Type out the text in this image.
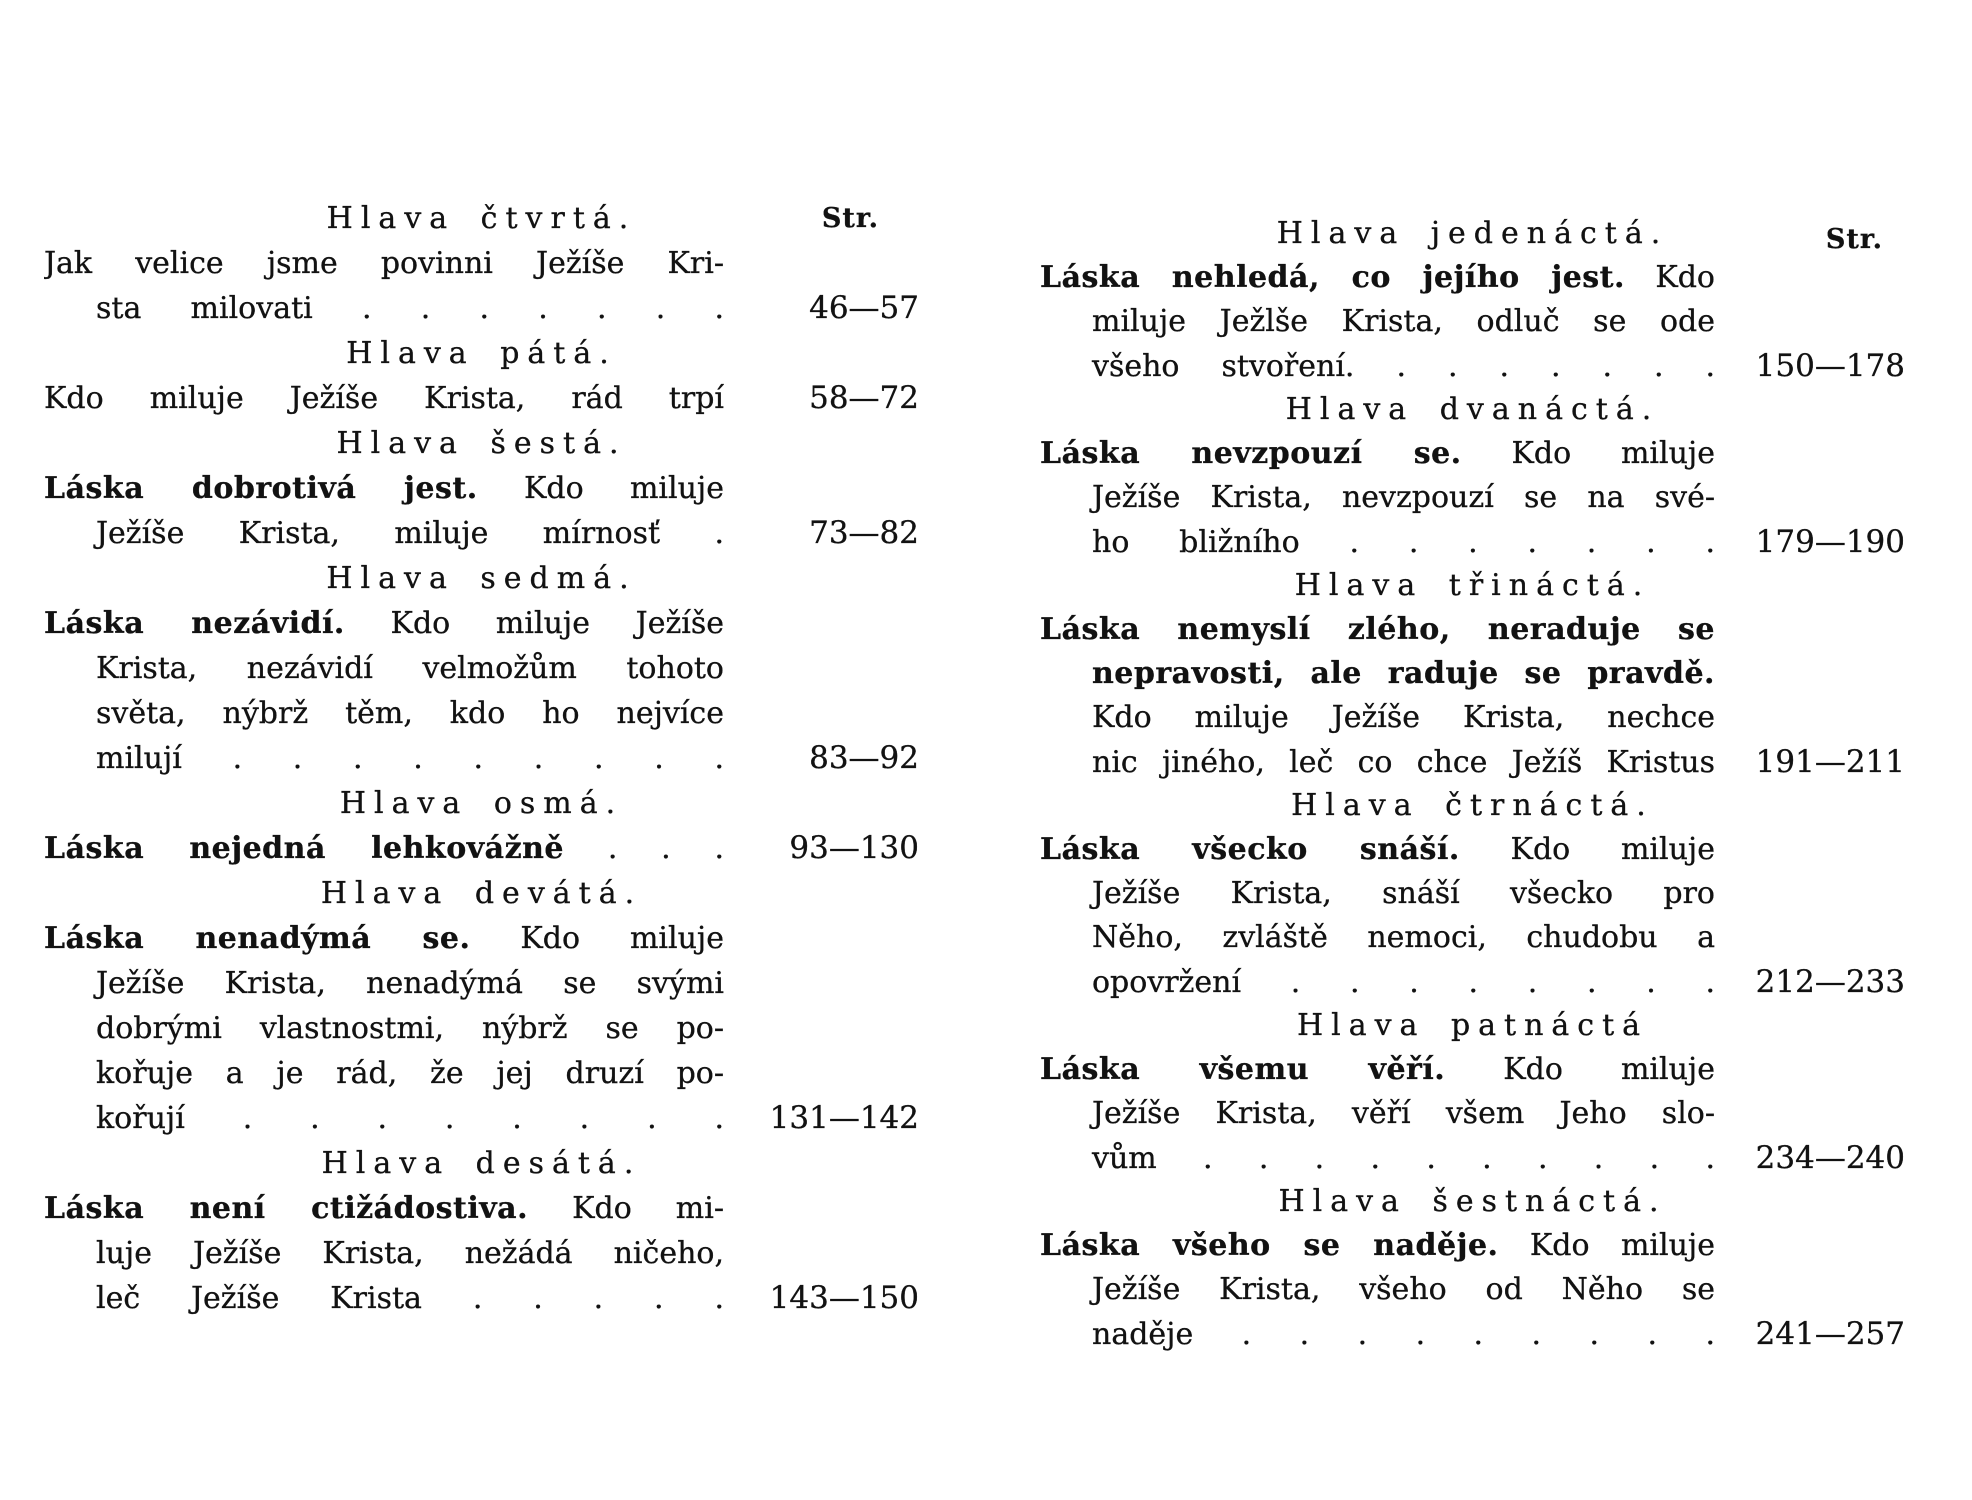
Str.
Hlava čtvrtá.
Jak velice jsme povinni Ježíše Kri-
sta milovati . . . . . . .	46—57
Hlava pátá.
Kdo miluje Ježíše Krista, rád trpí	58—72
Hlava šestá.
Láska dobrotivá jest. Kdo miluje
Ježíše Krista, miluje mírnosť .	73—82
Hlava sedmá.
Láska nezávidí. Kdo miluje Ježíše
Krista, nezávidí velmožům tohoto
světa, nýbrž těm, kdo ho nejvíce
milují . . . . . . . . .	83—92
Hlava osmá.
Láska nejedná lehkovážně . . .	93—130
Hlava devátá.
Láska nenadýmá se. Kdo miluje
Ježíše Krista, nenadýmá se svými
dobrými vlastnostmi, nýbrž se po-
kořuje a je rád, že jej druzí po-
kořují . . . . . . . .	131—142
Hlava desátá.
Láska není ctižádostiva. Kdo mi-
luje Ježíše Krista, nežádá ničeho,
leč Ježíše Krista . . . . .	143—150
Str.
Hlava jedenáctá.
Láska nehledá, co jejího jest. Kdo
miluje Ježlše Krista, odluč se ode
všeho stvoření. . . . . . . .	150—178
Hlava dvanáctá.
Láska nevzpouzí se. Kdo miluje
Ježíše Krista, nevzpouzí se na své-
ho bližního . . . . . . .	179—190
Hlava třináctá.
Láska nemyslí zlého, neraduje se
nepravosti, ale raduje se pravdě.
Kdo miluje Ježíše Krista, nechce
nic jiného, leč co chce Ježíš Kristus	191—211
Hlava čtrnáctá.
Láska všecko snáší. Kdo miluje
Ježíše Krista, snáší všecko pro
Něho, zvláště nemoci, chudobu a
opovržení . . . . . . . .	212—233
Hlava patnáctá
Láska všemu věří. Kdo miluje
Ježíše Krista, věří všem Jeho slo-
vům . . . . . . . . . .	234—240
Hlava šestnáctá.
Láska všeho se naděje. Kdo miluje
Ježíše Krista, všeho od Něho se
naděje . . . . . . . . .	241—257
